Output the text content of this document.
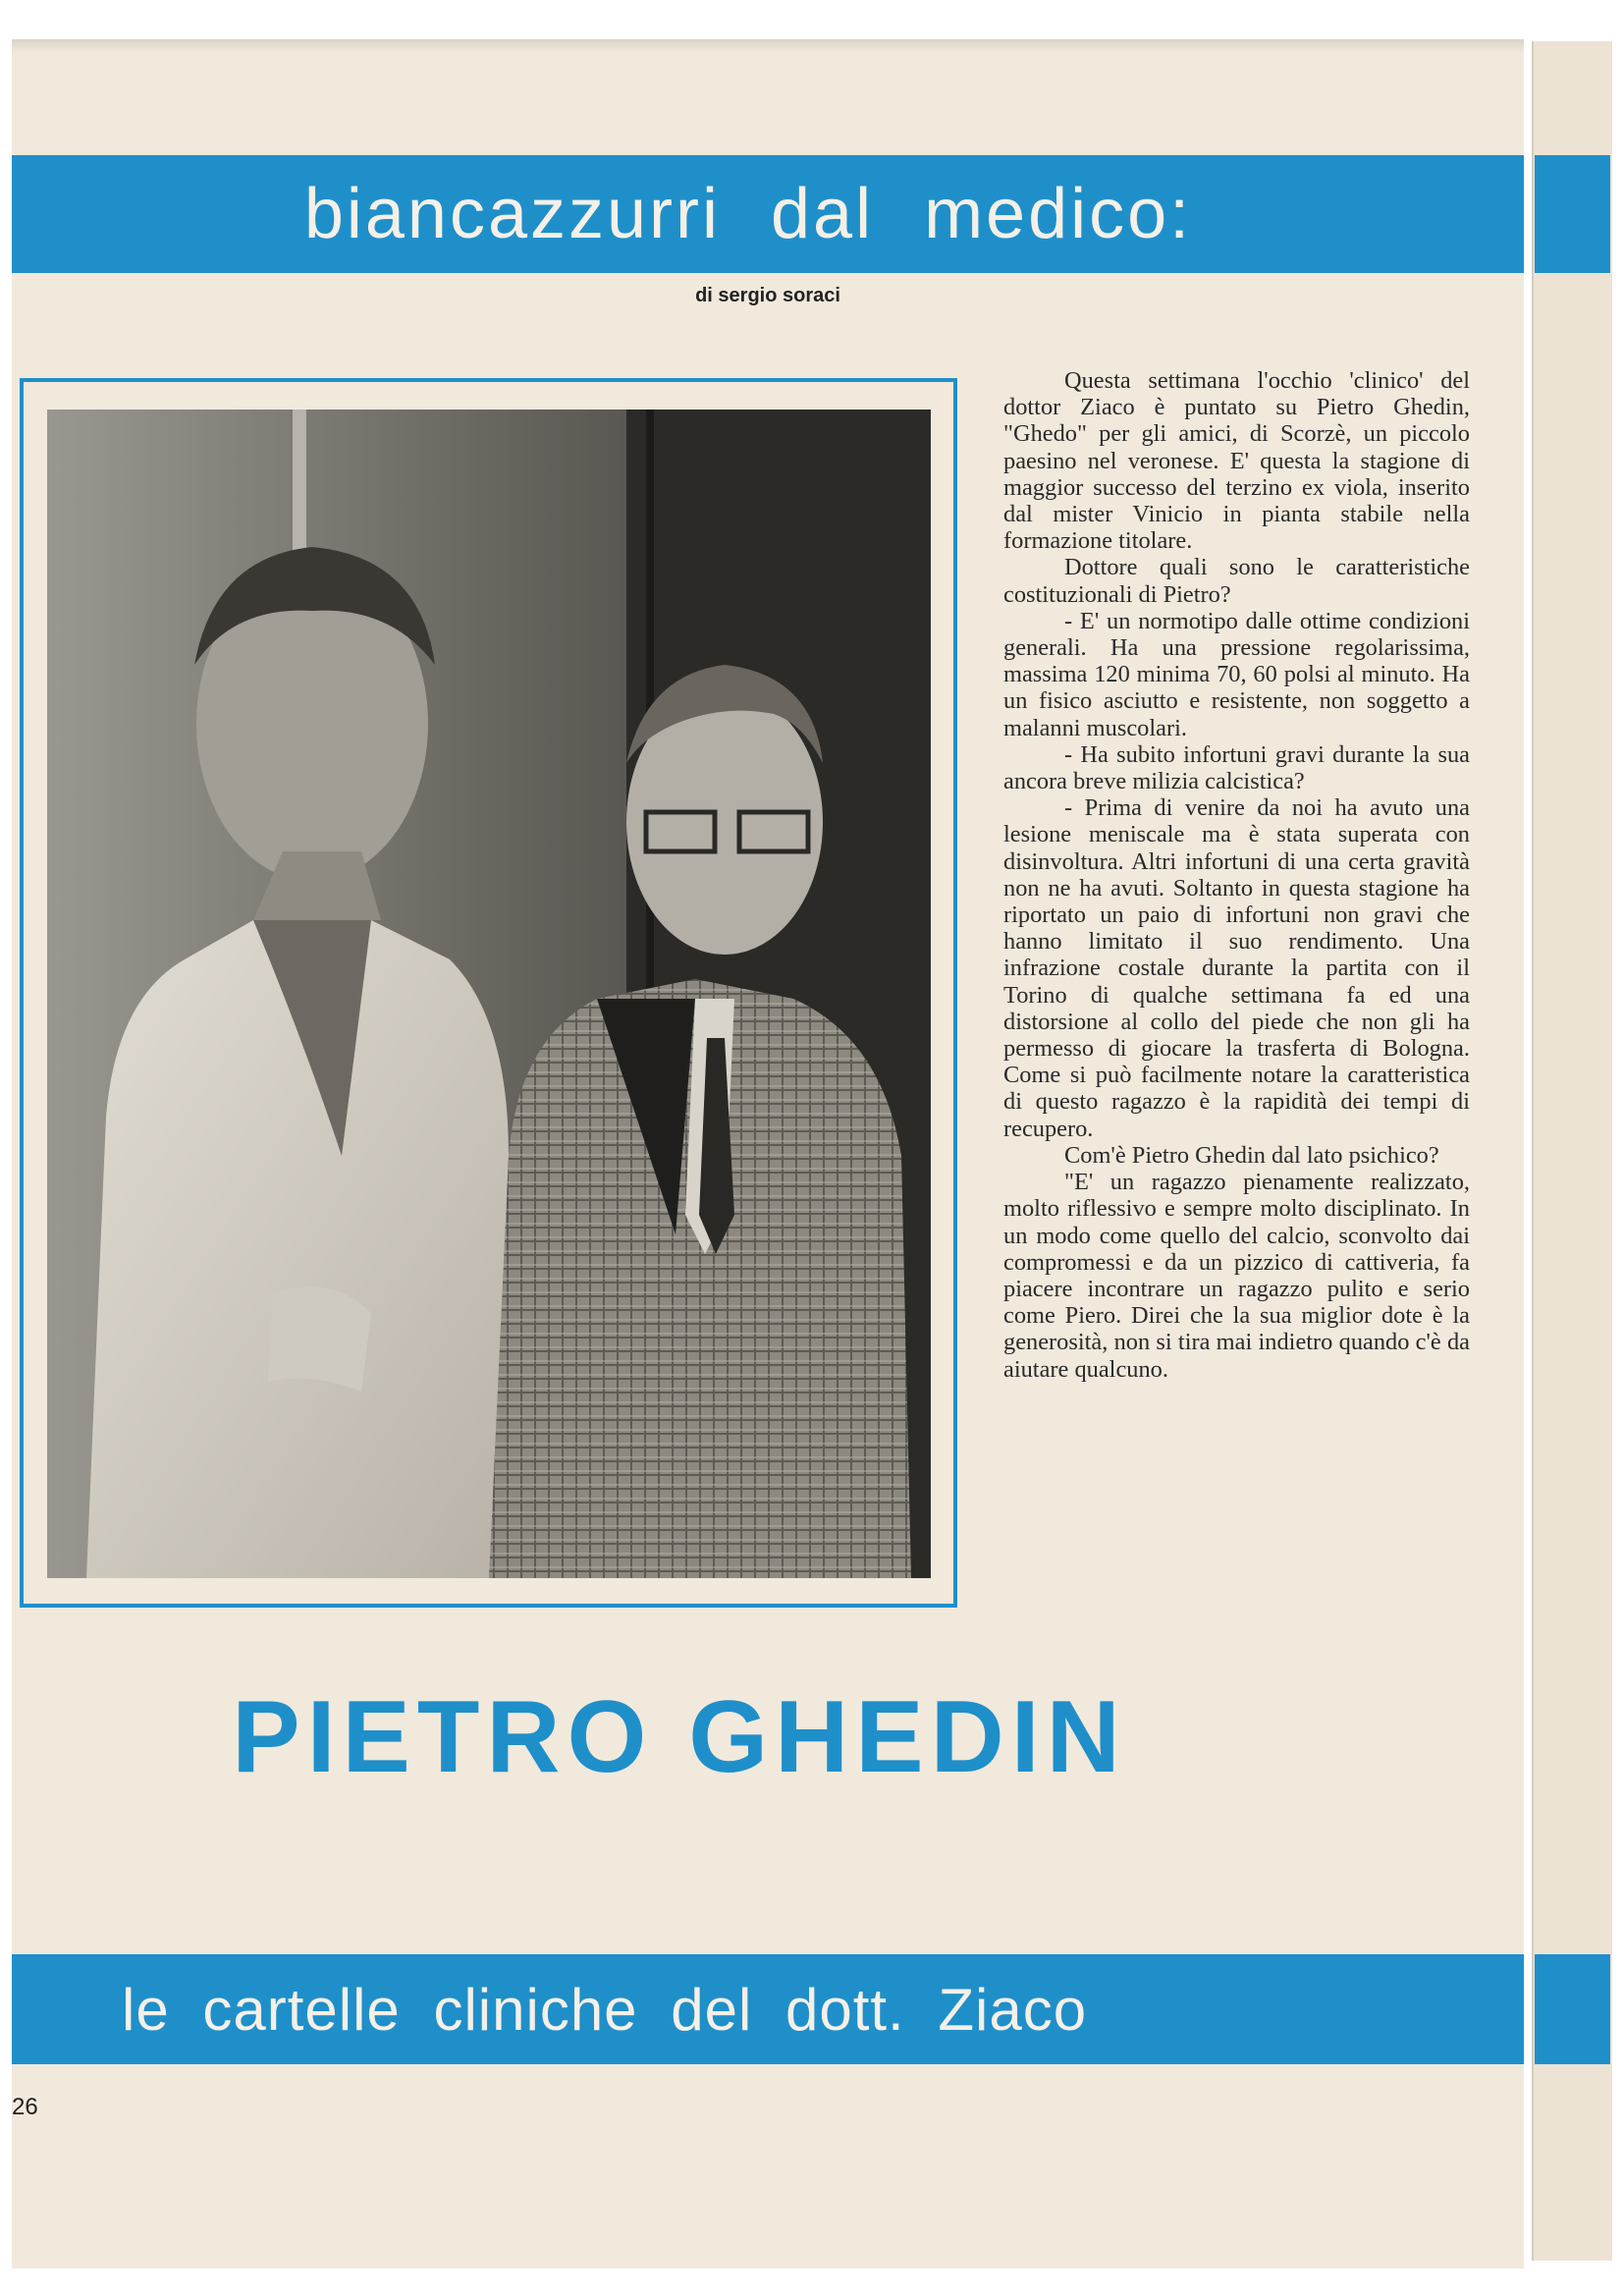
biancazzurri dal medico:
di sergio soraci
PIETRO GHEDIN

Questa settimana l'occhio 'clinico' del dottor Ziaco è puntato su Pietro Ghedin, "Ghedo" per gli amici, di Scorzè, un piccolo paesino nel veronese. E' questa la stagione di maggior successo del terzino ex viola, inserito dal mister Vinicio in pianta stabile nella formazione titolare.

Dottore quali sono le caratteristiche costituzionali di Pietro?

- E' un normotipo dalle ottime condizioni generali. Ha una pressione regolarissima, massima 120 minima 70, 60 polsi al minuto. Ha un fisico asciutto e resistente, non soggetto a malanni muscolari.

- Ha subito infortuni gravi durante la sua ancora breve milizia calcistica?

- Prima di venire da noi ha avuto una lesione meniscale ma è stata superata con disinvoltura. Altri infortuni di una certa gravità non ne ha avuti. Soltanto in questa stagione ha riportato un paio di infortuni non gravi che hanno limitato il suo rendimento. Una infrazione costale durante la partita con il Torino di qualche settimana fa ed una distorsione al collo del piede che non gli ha permesso di giocare la trasferta di Bologna. Come si può facilmente notare la caratteristica di questo ragazzo è la rapidità dei tempi di recupero.

Com'è Pietro Ghedin dal lato psichico?

"E' un ragazzo pienamente realizzato, molto riflessivo e sempre molto disciplinato. In un modo come quello del calcio, sconvolto dai compromessi e da un pizzico di cattiveria, fa piacere incontrare un ragazzo pulito e serio come Piero. Direi che la sua miglior dote è la generosità, non si tira mai indietro quando c'è da aiutare qualcuno.

le cartelle cliniche del dott. Ziaco
26
